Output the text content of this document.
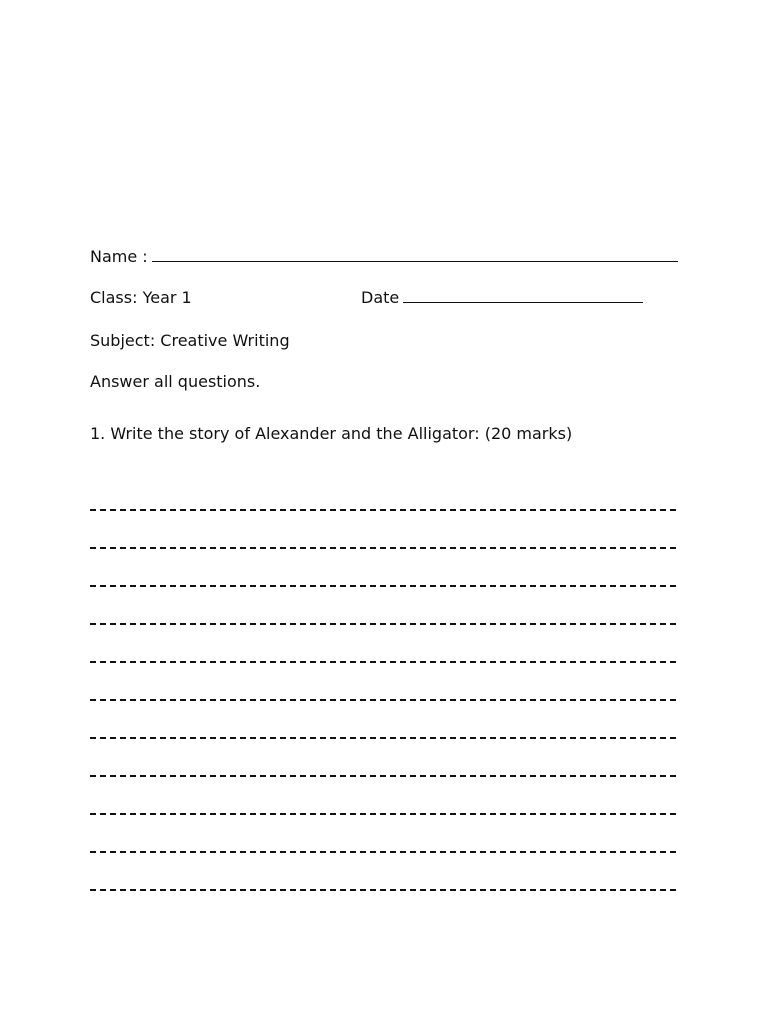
Name :
Class: Year 1	Date
Subject: Creative Writing
Answer all questions.
1. Write the story of Alexander and the Alligator: (20 marks)
